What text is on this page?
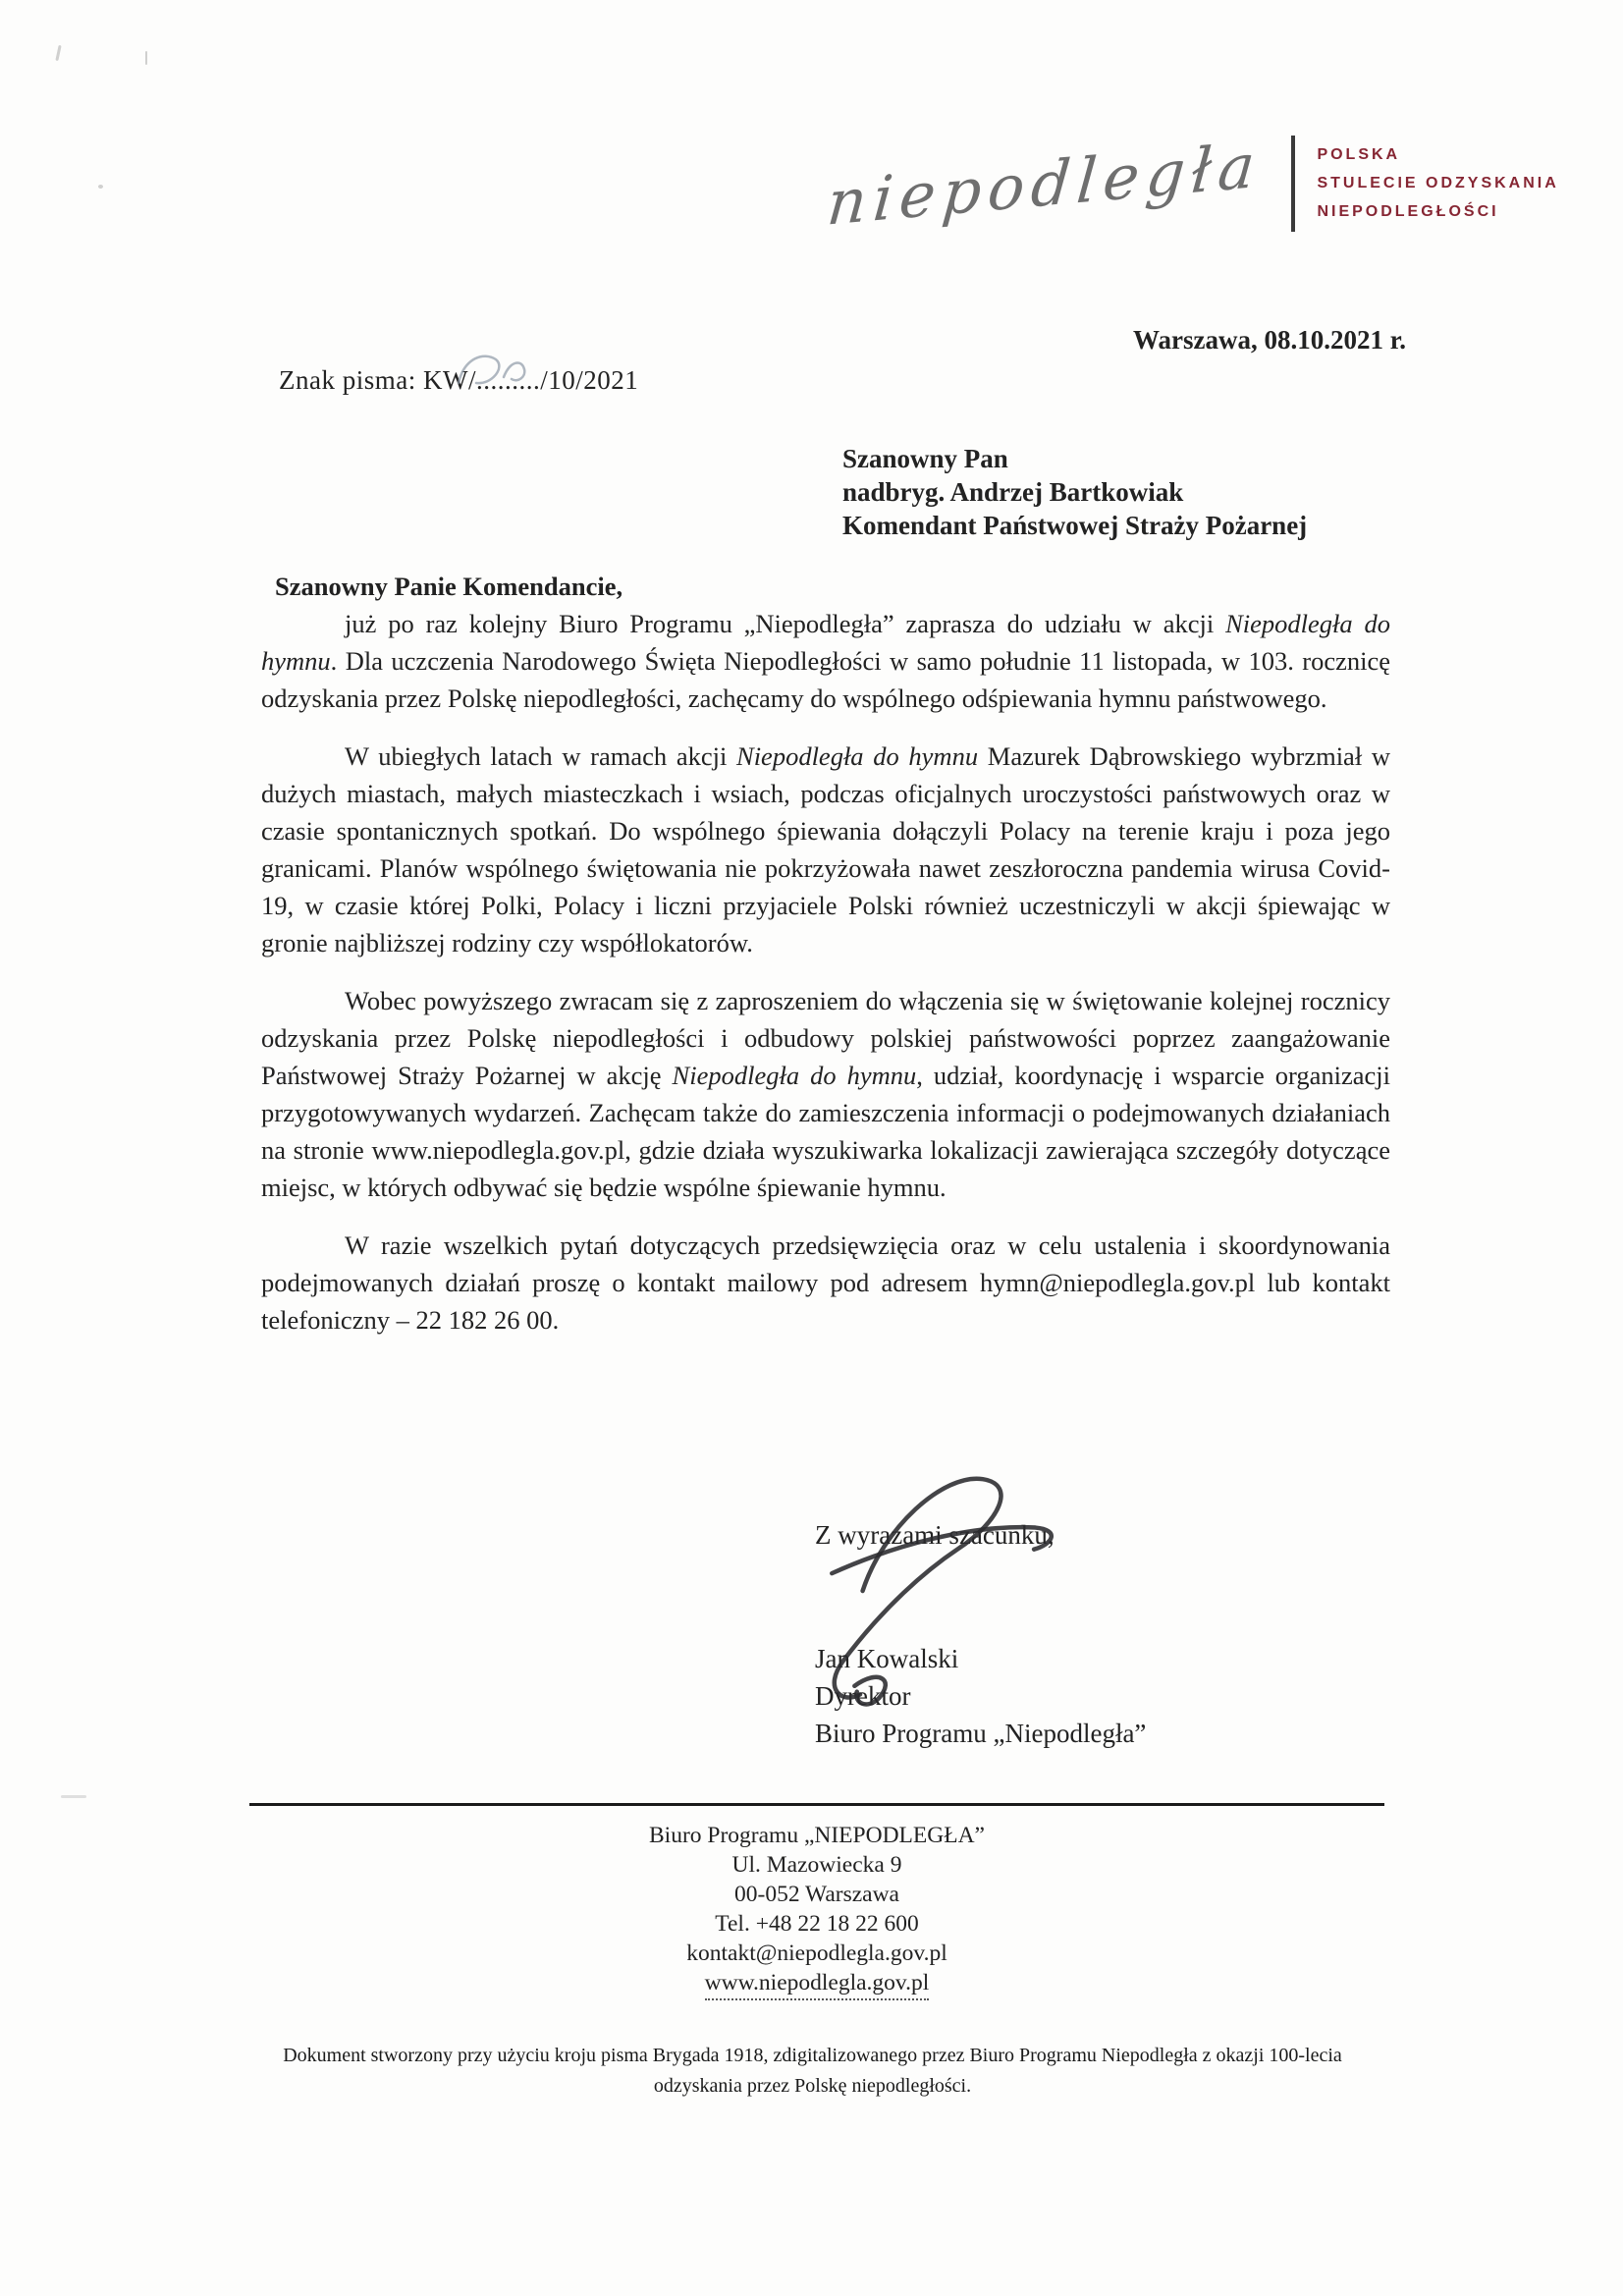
niepodległa	POLSKA
STULECIE ODZYSKANIA
NIEPODLEGŁOŚCI
Warszawa, 08.10.2021 r.
Znak pisma: KW/........./10/2021
Szanowny Pan
nadbryg. Andrzej Bartkowiak
Komendant Państwowej Straży Pożarnej

Szanowny Panie Komendancie,

już po raz kolejny Biuro Programu „Niepodległa” zaprasza do udziału w akcji Niepodległa do hymnu. Dla uczczenia Narodowego Święta Niepodległości w samo południe 11 listopada, w 103. rocznicę odzyskania przez Polskę niepodległości, zachęcamy do wspólnego odśpiewania hymnu państwowego.

W ubiegłych latach w ramach akcji Niepodległa do hymnu Mazurek Dąbrowskiego wybrzmiał w dużych miastach, małych miasteczkach i wsiach, podczas oficjalnych uroczystości państwowych oraz w czasie spontanicznych spotkań. Do wspólnego śpiewania dołączyli Polacy na terenie kraju i poza jego granicami. Planów wspólnego świętowania nie pokrzyżowała nawet zeszłoroczna pandemia wirusa Covid-19, w czasie której Polki, Polacy i liczni przyjaciele Polski również uczestniczyli w akcji śpiewając w gronie najbliższej rodziny czy współlokatorów.

Wobec powyższego zwracam się z zaproszeniem do włączenia się w świętowanie kolejnej rocznicy odzyskania przez Polskę niepodległości i odbudowy polskiej państwowości poprzez zaangażowanie Państwowej Straży Pożarnej w akcję Niepodległa do hymnu, udział, koordynację i wsparcie organizacji przygotowywanych wydarzeń. Zachęcam także do zamieszczenia informacji o podejmowanych działaniach na stronie www.niepodlegla.gov.pl, gdzie działa wyszukiwarka lokalizacji zawierająca szczegóły dotyczące miejsc, w których odbywać się będzie wspólne śpiewanie hymnu.

W razie wszelkich pytań dotyczących przedsięwzięcia oraz w celu ustalenia i skoordynowania podejmowanych działań proszę o kontakt mailowy pod adresem hymn@niepodlegla.gov.pl lub kontakt telefoniczny – 22 182 26 00.

Z wyrazami szacunku,
Jan Kowalski
Dyrektor
Biuro Programu „Niepodległa”
Biuro Programu „NIEPODLEGŁA”
Ul. Mazowiecka 9
00-052 Warszawa
Tel. +48 22 18 22 600
kontakt@niepodlegla.gov.pl
www.niepodlegla.gov.pl
Dokument stworzony przy użyciu kroju pisma Brygada 1918, zdigitalizowanego przez Biuro Programu Niepodległa z okazji 100-lecia odzyskania przez Polskę niepodległości.
